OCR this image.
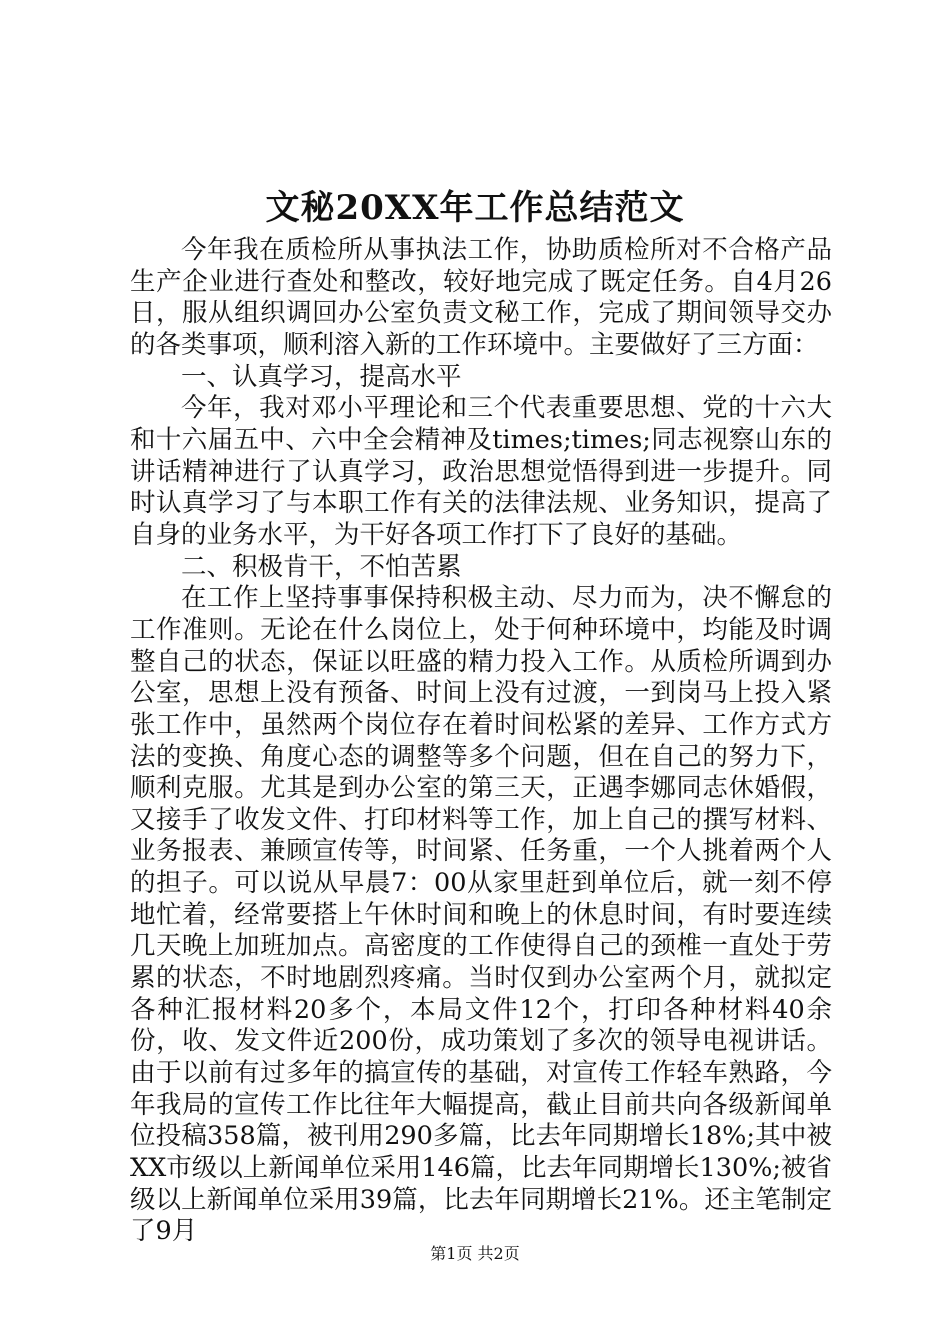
文秘20XX年工作总结范文

今年我在质检所从事执法工作，协助质检所对不合格产品生产企业进行查处和整改，较好地完成了既定任务。自4月26日，服从组织调回办公室负责文秘工作，完成了期间领导交办的各类事项，顺利溶入新的工作环境中。主要做好了三方面：

一、认真学习，提高水平

今年，我对邓小平理论和三个代表重要思想、党的十六大和十六届五中、六中全会精神及times;times;同志视察山东的讲话精神进行了认真学习，政治思想觉悟得到进一步提升。同时认真学习了与本职工作有关的法律法规、业务知识，提高了自身的业务水平，为干好各项工作打下了良好的基础。

二、积极肯干，不怕苦累

在工作上坚持事事保持积极主动、尽力而为，决不懈怠的工作准则。无论在什么岗位上，处于何种环境中，均能及时调整自己的状态，保证以旺盛的精力投入工作。从质检所调到办公室，思想上没有预备、时间上没有过渡，一到岗马上投入紧张工作中，虽然两个岗位存在着时间松紧的差异、工作方式方法的变换、角度心态的调整等多个问题，但在自己的努力下，顺利克服。尤其是到办公室的第三天，正遇李娜同志休婚假，又接手了收发文件、打印材料等工作，加上自己的撰写材料、业务报表、兼顾宣传等，时间紧、任务重，一个人挑着两个人的担子。可以说从早晨7：00从家里赶到单位后，就一刻不停地忙着，经常要搭上午休时间和晚上的休息时间，有时要连续几天晚上加班加点。高密度的工作使得自己的颈椎一直处于劳累的状态，不时地剧烈疼痛。当时仅到办公室两个月，就拟定各种汇报材料20多个，本局文件12个，打印各种材料40余份，收、发文件近200份，成功策划了多次的领导电视讲话。由于以前有过多年的搞宣传的基础，对宣传工作轻车熟路，今年我局的宣传工作比往年大幅提高，截止目前共向各级新闻单位投稿358篇，被刊用290多篇，比去年同期增长18%;其中被XX市级以上新闻单位采用146篇，比去年同期增长130%;被省级以上新闻单位采用39篇，比去年同期增长21%。还主笔制定了9月

第1页 共2页
